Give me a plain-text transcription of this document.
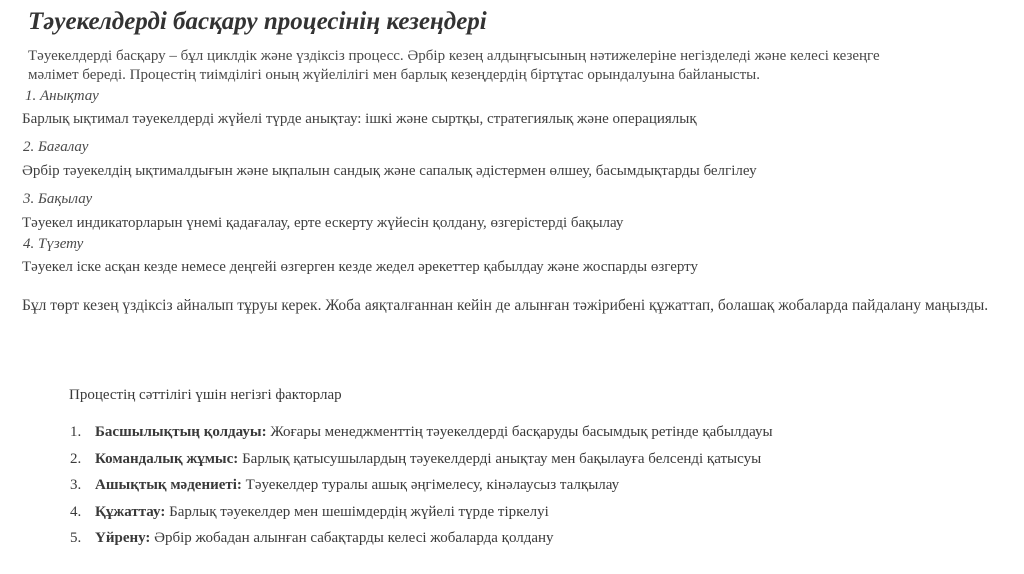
Тәуекелдерді басқару процесінің кезеңдері
Тәуекелдерді басқару – бұл циклдік және үздіксіз процесс. Әрбір кезең алдыңғысының нәтижелеріне негізделеді және келесі кезеңге
мәлімет береді. Процестің тиімділігі оның жүйелілігі мен барлық кезеңдердің біртұтас орындалуына байланысты.
1. Анықтау
Барлық ықтимал тәуекелдерді жүйелі түрде анықтау: ішкі және сыртқы, стратегиялық және операциялық
2. Бағалау
Әрбір тәуекелдің ықтималдығын және ықпалын сандық және сапалық әдістермен өлшеу, басымдықтарды белгілеу
3. Бақылау
Тәуекел индикаторларын үнемі қадағалау, ерте ескерту жүйесін қолдану, өзгерістерді бақылау
4. Түзету
Тәуекел іске асқан кезде немесе деңгейі өзгерген кезде жедел әрекеттер қабылдау және жоспарды өзгерту
Бұл төрт кезең үздіксіз айналып тұруы керек. Жоба аяқталғаннан кейін де алынған тәжірибені құжаттап, болашақ жобаларда пайдалану маңызды.
Процестің сәттілігі үшін негізгі факторлар
1. Басшылықтың қолдауы: Жоғары менеджменттің тәуекелдерді басқаруды басымдық ретінде қабылдауы
2. Командалық жұмыс: Барлық қатысушылардың тәуекелдерді анықтау мен бақылауға белсенді қатысуы
3. Ашықтық мәдениеті: Тәуекелдер туралы ашық әңгімелесу, кінәлаусыз талқылау
4. Құжаттау: Барлық тәуекелдер мен шешімдердің жүйелі түрде тіркелуі
5. Үйрену: Әрбір жобадан алынған сабақтарды келесі жобаларда қолдану
